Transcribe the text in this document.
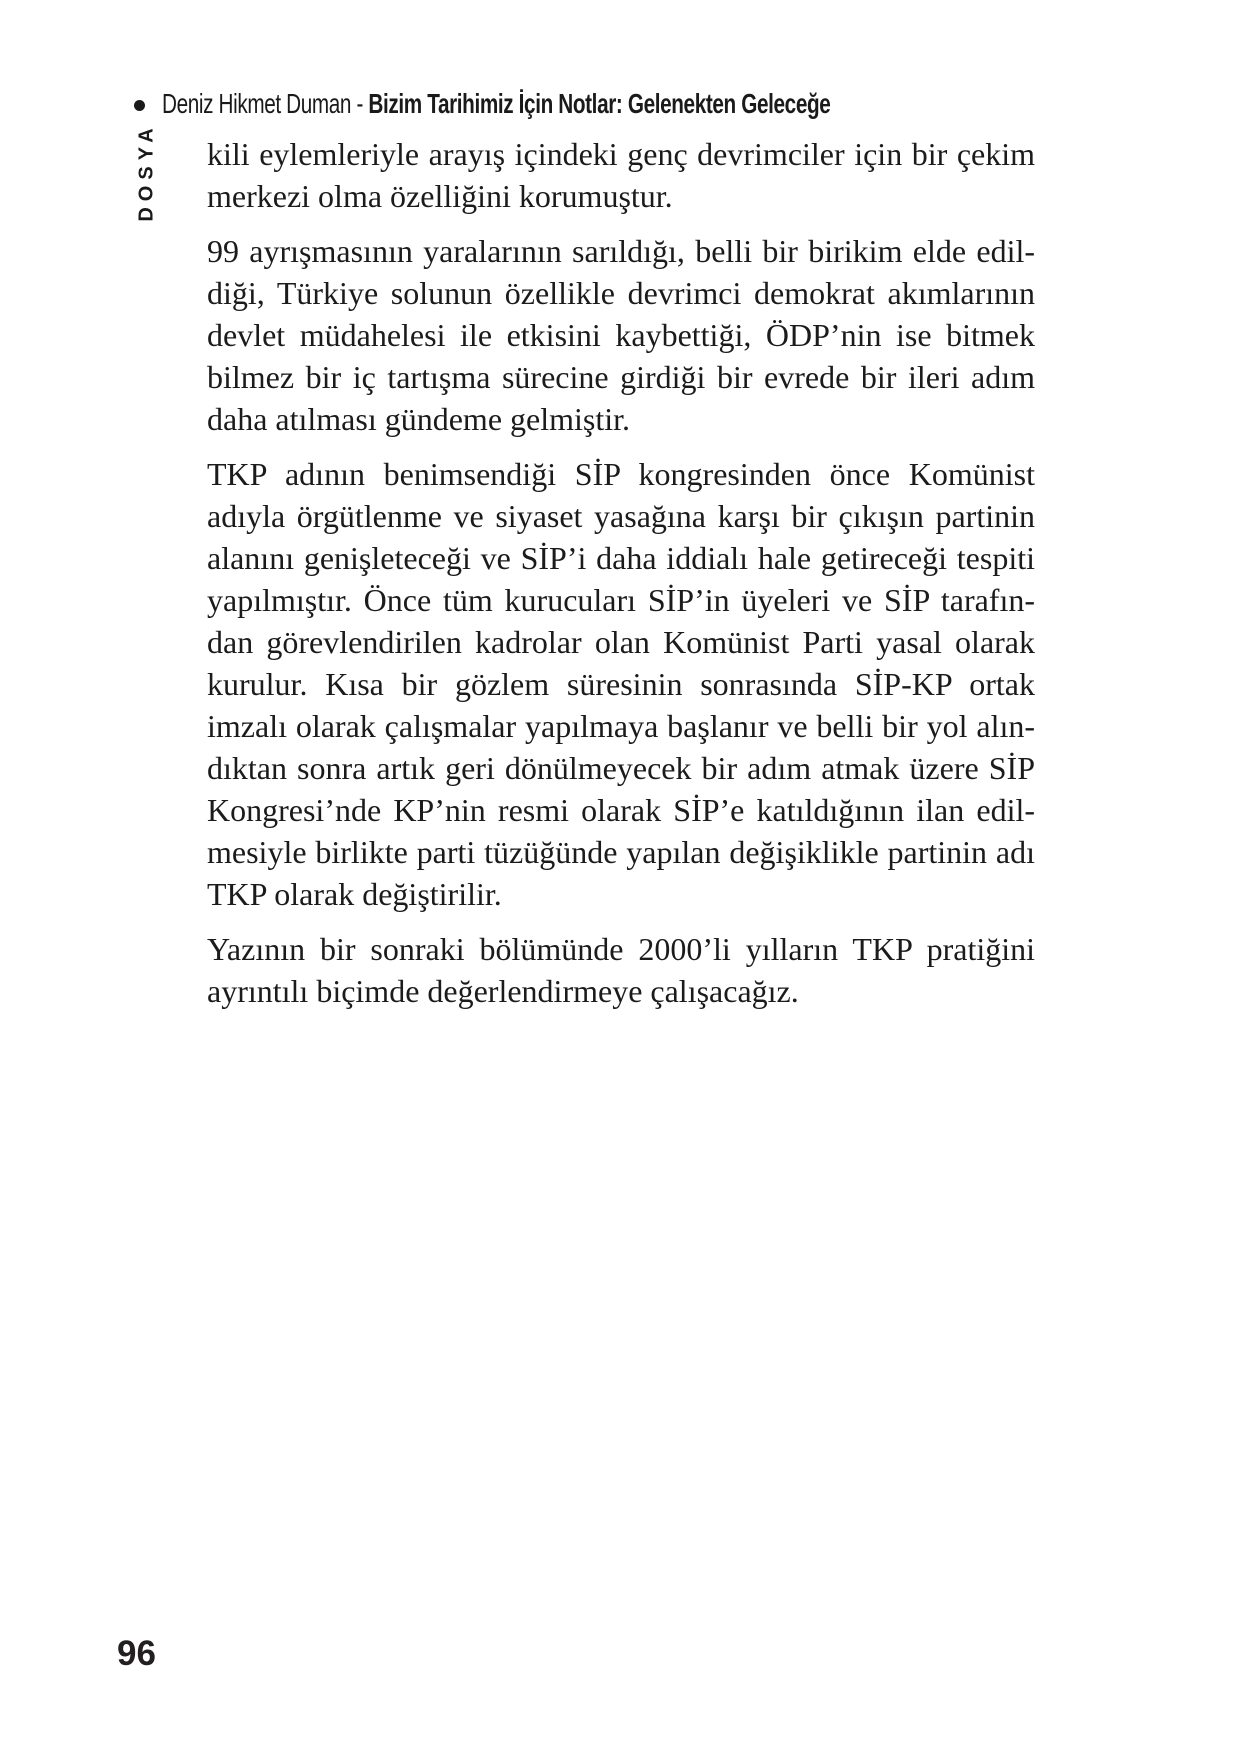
Deniz Hikmet Duman - Bizim Tarihimiz İçin Notlar: Gelenekten Geleceğe
DOSYA kili eylemleriyle arayış içindeki genç devrimciler için bir çekim
merkezi olma özelliğini korumuştur.
99 ayrışmasının yaralarının sarıldığı, belli bir birikim elde edil-
diği, Türkiye solunun özellikle devrimci demokrat akımlarının
devlet müdahelesi ile etkisini kaybettiği, ÖDP’nin ise bitmek
bilmez bir iç tartışma sürecine girdiği bir evrede bir ileri adım
daha atılması gündeme gelmiştir.
TKP adının benimsendiği SİP kongresinden önce Komünist
adıyla örgütlenme ve siyaset yasağına karşı bir çıkışın partinin
alanını genişleteceği ve SİP’i daha iddialı hale getireceği tespiti
yapılmıştır. Önce tüm kurucuları SİP’in üyeleri ve SİP tarafın-
dan görevlendirilen kadrolar olan Komünist Parti yasal olarak
kurulur. Kısa bir gözlem süresinin sonrasında SİP-KP ortak
imzalı olarak çalışmalar yapılmaya başlanır ve belli bir yol alın-
dıktan sonra artık geri dönülmeyecek bir adım atmak üzere SİP
Kongresi’nde KP’nin resmi olarak SİP’e katıldığının ilan edil-
mesiyle birlikte parti tüzüğünde yapılan değişiklikle partinin adı
TKP olarak değiştirilir.
Yazının bir sonraki bölümünde 2000’li yılların TKP pratiğini
ayrıntılı biçimde değerlendirmeye çalışacağız.
96
